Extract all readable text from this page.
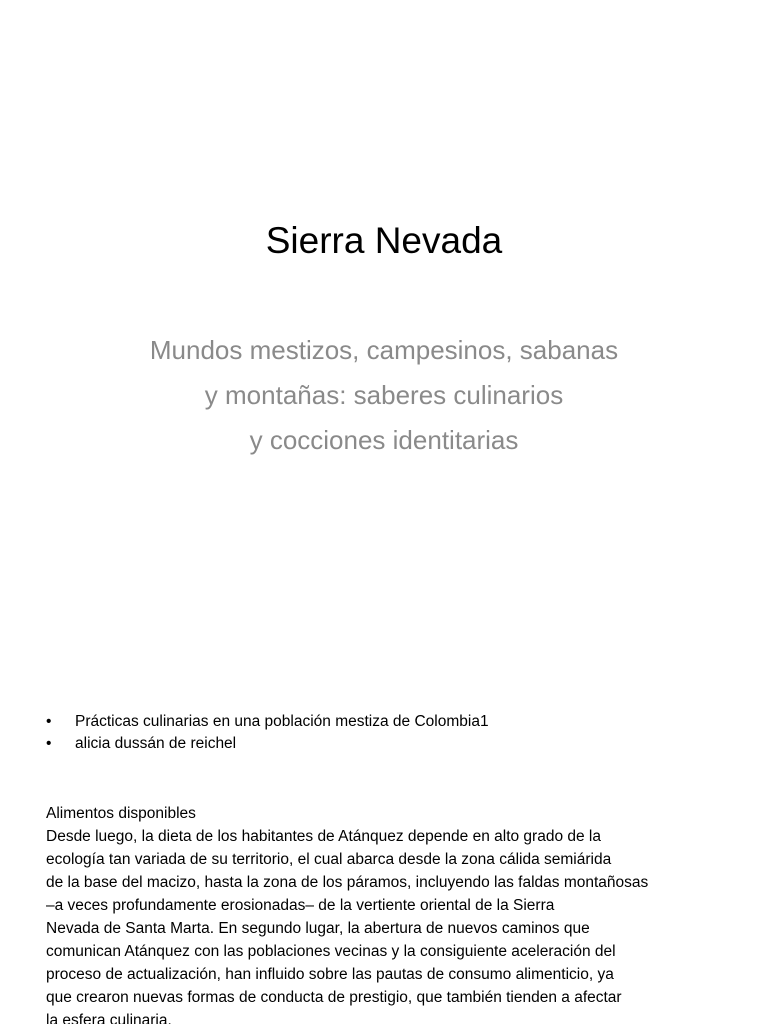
Sierra Nevada
Mundos mestizos, campesinos, sabanas
y montañas: saberes culinarios
y cocciones identitarias
• Prácticas culinarias en una población mestiza de Colombia1
• alicia dussán de reichel
Alimentos disponibles
Desde luego, la dieta de los habitantes de Atánquez depende en alto grado de la
ecología tan variada de su territorio, el cual abarca desde la zona cálida semiárida
de la base del macizo, hasta la zona de los páramos, incluyendo las faldas montañosas
–a veces profundamente erosionadas– de la vertiente oriental de la Sierra
Nevada de Santa Marta. En segundo lugar, la abertura de nuevos caminos que
comunican Atánquez con las poblaciones vecinas y la consiguiente aceleración del
proceso de actualización, han influido sobre las pautas de consumo alimenticio, ya
que crearon nuevas formas de conducta de prestigio, que también tienden a afectar
la esfera culinaria.
